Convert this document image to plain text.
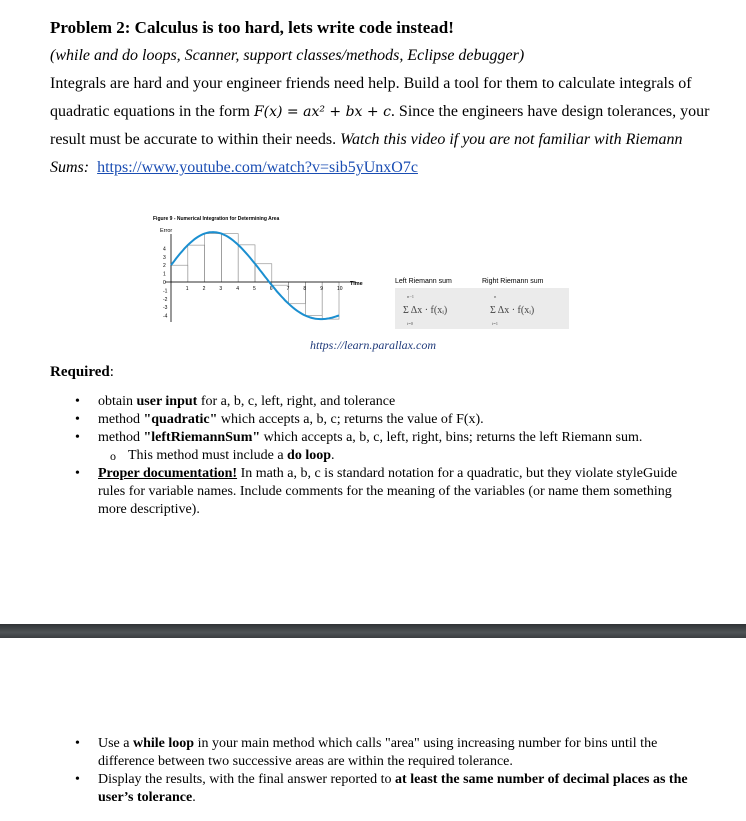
Problem 2: Calculus is too hard, lets write code instead!
(while and do loops, Scanner, support classes/methods, Eclipse debugger)
Integrals are hard and your engineer friends need help. Build a tool for them to calculate integrals of quadratic equations in the form F(x) = ax² + bx + c. Since the engineers have design tolerances, your result must be accurate to within their needs. Watch this video if you are not familiar with Riemann Sums: https://www.youtube.com/watch?v=sib5yUnxO7c
Figure 9 - Numerical Integration for Determining Area
Error
4
3
2
1
0
-1
-2
-3
-4
1	2	3	4	5	6	7	8	9	10
Time	Left Riemann sum	Right Riemann sum
n−1
Σ Δx · f(xᵢ)
i=0
n
Σ Δx · f(xᵢ)
i=1
https://learn.parallax.com
Required:
• obtain user input for a, b, c, left, right, and tolerance
• method "quadratic" which accepts a, b, c; returns the value of F(x).
• method "leftRiemannSum" which accepts a, b, c, left, right, bins; returns the left Riemann sum.
o This method must include a do loop.
• Proper documentation! In math a, b, c is standard notation for a quadratic, but they violate styleGuide rules for variable names. Include comments for the meaning of the variables (or name them something more descriptive).
• Use a while loop in your main method which calls "area" using increasing number for bins until the difference between two successive areas are within the required tolerance.
• Display the results, with the final answer reported to at least the same number of decimal places as the user’s tolerance.
